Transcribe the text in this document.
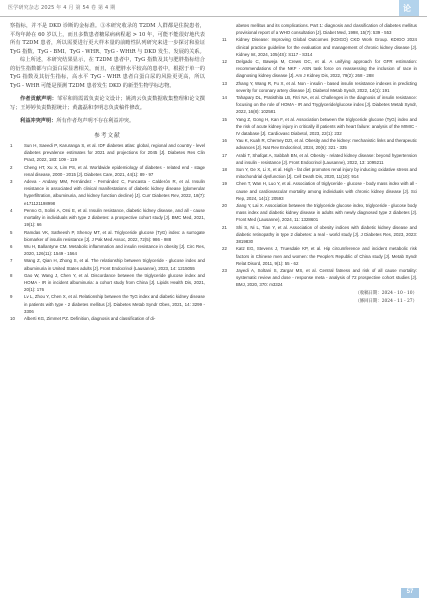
医学研究杂志 2025 年 4 月 第 54 卷 第 4 期	论

察指标，并不是 DKD 诊断的金标准。③本研究收录的 T2DM 人群都是住院患者，平均年龄在 60 岁以上，而且多数患者糖尿病病程超 > 10 年，可能不能很好地代表所有 T2DM 患者，所以需要进行更大样本量的前瞻性队列研究来进一步探讨和验证 TyG 指数、TyG - BMI、TyG - WHR、TyG - WHtR 与 DKD 发生、发展的关系。

综上所述，本研究结果显示，在 T2DM 患者中，TyG 指数及其与肥胖指标结合的衍生指数都与白蛋白尿显著相关，而且，在肥胖水平较高的患者中，根据于单一的 TyG 指数及其衍生指标，高水平 TyG - WHR 患者白蛋白尿的风险更更高，所以 TyG - WHR 可能是预测 T2DM 患者发生 DKD 的新型生物学标志物。

作者贡献声明：邹军和简霞霞负责论文设计；姚鸿云负责数据收集整理和论文撰写；王婷婷负责数据统计；黄鑫磊和李明志负责稿件修改。

利益冲突声明：所有作者均声明不存在利益冲突。

参考文献
1	Sun H, Saeedi P, Karuranga S, et al. IDF diabetes atlas: global, regional and country - level diabetes prevalence estimates for 2021 and projections for 2045 [J]. Diabetes Res Clin Pract, 2022, 183: 109 - 119
2	Cheng HT, Xu X, Lim PS, et al. Worldwide epidemiology of diabetes - related end - stage renal disease, 2000 - 2015 [J]. Diabetes Care, 2021, 44(1): 89 - 97
3	Adeva - Andany MM, Fernández - Fernández C, Funcasta - Calderón R, et al. Insulin resistance is associated with clinical manifestations of diabetic kidney disease (glomerular hyperfiltration, albuminuria, and kidney function decline) [J]. Curr Diabetes Rev, 2022, 18(7): e171121198998
4	Penno G, Solini A, Orsi E, et al. Insulin resistance, diabetic kidney disease, and all - cause mortality in individuals with type 2 diabetes: a prospective cohort study [J]. BMC Med, 2021, 19(1): 66
5	Ramdas VK, Satheesh P, Shenoy MT, et al. Triglyceride glucose (TyG) index: a surrogate biomarker of insulin resistance [J]. J Pak Med Assoc, 2022, 72(5): 986 - 988
6	Wu H, Ballantyne CM. Metabolic inflammation and insulin resistance in obesity [J]. Circ Res, 2020, 126(11): 1549 - 1564
7	Wang Z, Qian H, Zhong S, et al. The relationship between triglyceride - glucose index and albuminuria in United States adults [J]. Front Endocrinol (Lausanne), 2023, 14: 1215055
8	Gao W, Wang J, Chen Y, et al. Discordance between the triglyceride glucose index and HOMA - IR in incident albuminuria: a cohort study from China [J]. Lipids Health Dis, 2021, 20(1): 176
9	Lv L, Zhou Y, Chen X, et al. Relationship between the TyG index and diabetic kidney disease in patients with type - 2 diabetes mellitus [J]. Diabetes Metab Syndr Obes, 2021, 14: 3299 - 3306
10	Alberti KG, Zimmet PZ. Definition, diagnosis and classification of di-
abetes mellitus and its complications. Part 1: diagnosis and classification of diabetes mellitus provisional report of a WHO consultation [J]. Diabet Med, 1998, 15(7): 539 - 553
11	Kidney Disease: Improving Global Outcomes (KDIGO) CKD Work Group. KDIGO 2024 clinical practice guideline for the evaluation and management of chronic kidney disease [J]. Kidney Int, 2024, 105(4S): S117 - S314
12	Delgado C, Baweja M, Crews DC, et al. A unifying approach for GFR estimation: recommendations of the NKF - ASN task force on reassessing the inclusion of race in diagnosing kidney disease [J]. Am J Kidney Dis, 2022, 79(2): 268 - 288
13	Zhang Y, Wang R, Fu X, et al. Non - insulin - based insulin resistance indexes in predicting severity for coronary artery disease [J]. Diabetol Metab Syndr, 2022, 14(1): 191
14	Tahapary DL, Pratisthita LB, Fitri NA, et al. Challenges in the diagnosis of insulin resistance: focusing on the role of HOMA - IR and Tryglyceride/glucose index [J]. Diabetes Metab Syndr, 2022, 16(8): 102581
15	Yang Z, Gong H, Kan F, et al. Association between the triglyceride glucose (TyG) index and the risk of acute kidney injury in critically ill patients with heart failure: analysis of the MIMIC - IV database [J]. Cardiovasc Diabetol, 2023, 22(1): 232
16	Yau K, Kuah R, Cherney DZI, et al. Obesity and the kidney: mechanistic links and therapeutic advances [J]. Nat Rev Endocrinol, 2024, 20(6): 321 - 335
17	Arabi T, Shafqat A, Sabbah BN, et al. Obesity - related kidney disease: beyond hypertension and insulin - resistance [J]. Front Endocrinol (Lausanne), 2022, 13: 1095211
18	Sun Y, Ge X, Li X, et al. High - fat diet promotes renal injury by inducing oxidative stress and mitochondrial dysfunction [J]. Cell Death Dis, 2020, 11(10): 914
19	Chen T, Wan H, Luo Y, et al. Association of triglyceride - glucose - body mass index with all - cause and cardiovascular mortality among individuals with chronic kidney disease [J]. Sci Rep, 2024, 14(1): 20593
20	Jiang Y, Lai X. Association between the triglyceride glucose index, triglyceride - glucose body mass index and diabetic kidney disease in adults with newly diagnosed type 2 diabetes [J]. Front Med (Lausanne), 2024, 11: 1328601
21	Shi S, Ni L, Tian Y, et al. Association of obesity indices with diabetic kidney disease and diabetic retinopathy in type 2 diabetes: a real - world study [J]. J Diabetes Res, 2023, 2023: 3819830
22	Katz EG, Stevens J, Truesdale KP, et al. Hip circumference and incident metabolic risk factors in Chinese men and women: the People's Republic of China study [J]. Metab Syndr Relat Disord, 2011, 9(1): 55 - 62
23	Jayedi A, Soltani S, Zargar MS, et al. Central fatness and risk of all cause mortality: systematic review and dose - response meta - analysis of 72 prospective cohort studies [J]. BMJ, 2020, 370: m3324
（收稿日期：2024 - 10 - 10）
（修回日期：2024 - 11 - 27）
57
